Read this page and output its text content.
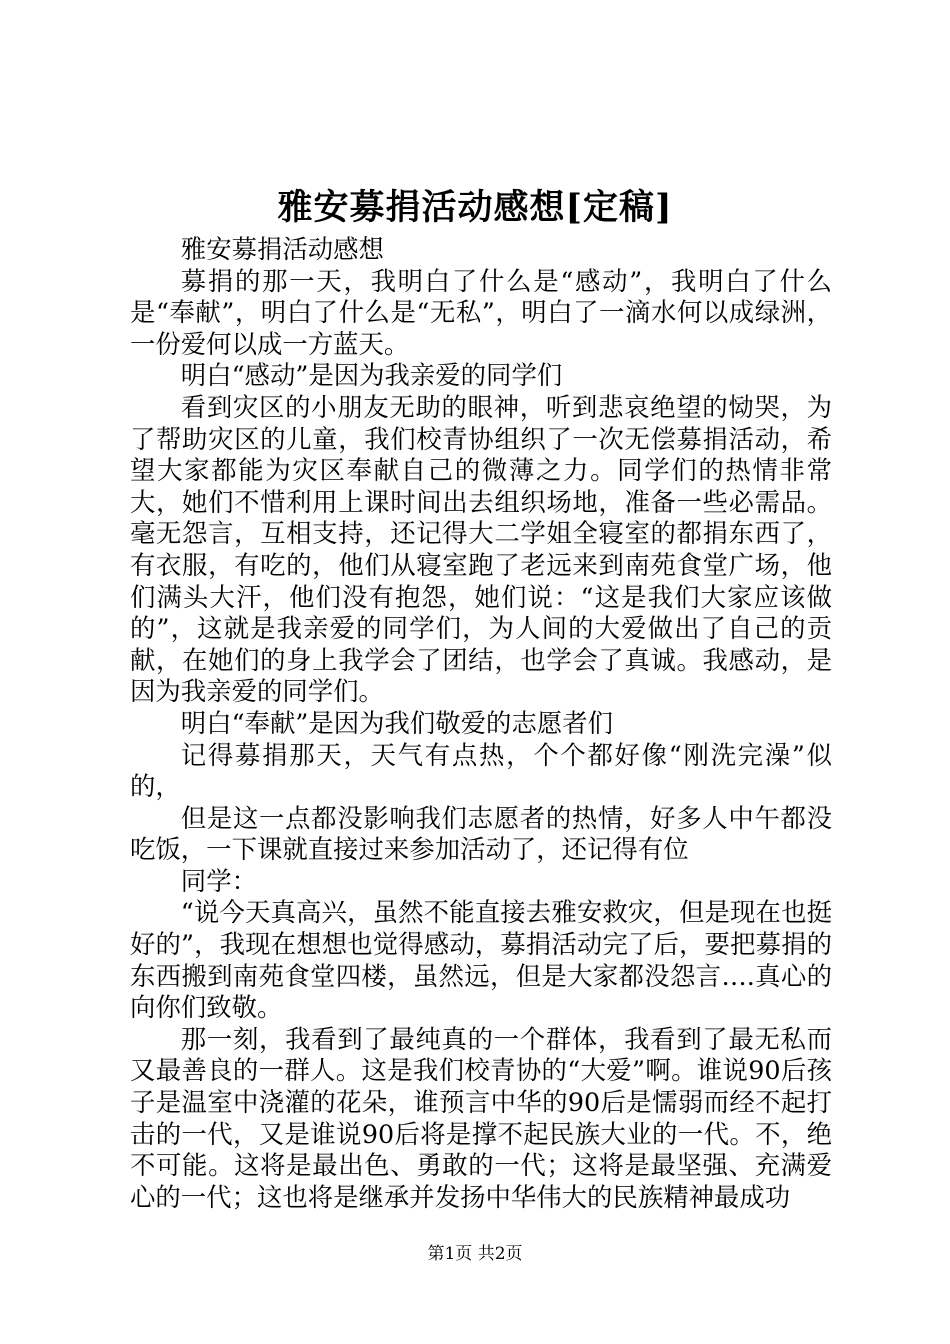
雅安募捐活动感想[定稿]

雅安募捐活动感想

募捐的那一天，我明白了什么是“感动”，我明白了什么是“奉献”，明白了什么是“无私”，明白了一滴水何以成绿洲，一份爱何以成一方蓝天。

明白“感动”是因为我亲爱的同学们

看到灾区的小朋友无助的眼神，听到悲哀绝望的恸哭，为了帮助灾区的儿童，我们校青协组织了一次无偿募捐活动，希望大家都能为灾区奉献自己的微薄之力。同学们的热情非常大，她们不惜利用上课时间出去组织场地，准备一些必需品。毫无怨言，互相支持，还记得大二学姐全寝室的都捐东西了，有衣服，有吃的，他们从寝室跑了老远来到南苑食堂广场，他们满头大汗，他们没有抱怨，她们说：“这是我们大家应该做的”，这就是我亲爱的同学们，为人间的大爱做出了自己的贡献，在她们的身上我学会了团结，也学会了真诚。我感动，是因为我亲爱的同学们。

明白“奉献”是因为我们敬爱的志愿者们

记得募捐那天，天气有点热，个个都好像“刚洗完澡”似的，

但是这一点都没影响我们志愿者的热情，好多人中午都没吃饭，一下课就直接过来参加活动了，还记得有位

同学：

“说今天真高兴，虽然不能直接去雅安救灾，但是现在也挺好的”，我现在想想也觉得感动，募捐活动完了后，要把募捐的东西搬到南苑食堂四楼，虽然远，但是大家都没怨言….真心的向你们致敬。

那一刻，我看到了最纯真的一个群体，我看到了最无私而又最善良的一群人。这是我们校青协的“大爱”啊。谁说90后孩子是温室中浇灌的花朵，谁预言中华的90后是懦弱而经不起打击的一代，又是谁说90后将是撑不起民族大业的一代。不，绝不可能。这将是最出色、勇敢的一代；这将是最坚强、充满爱心的一代；这也将是继承并发扬中华伟大的民族精神最成功

第1页 共2页
